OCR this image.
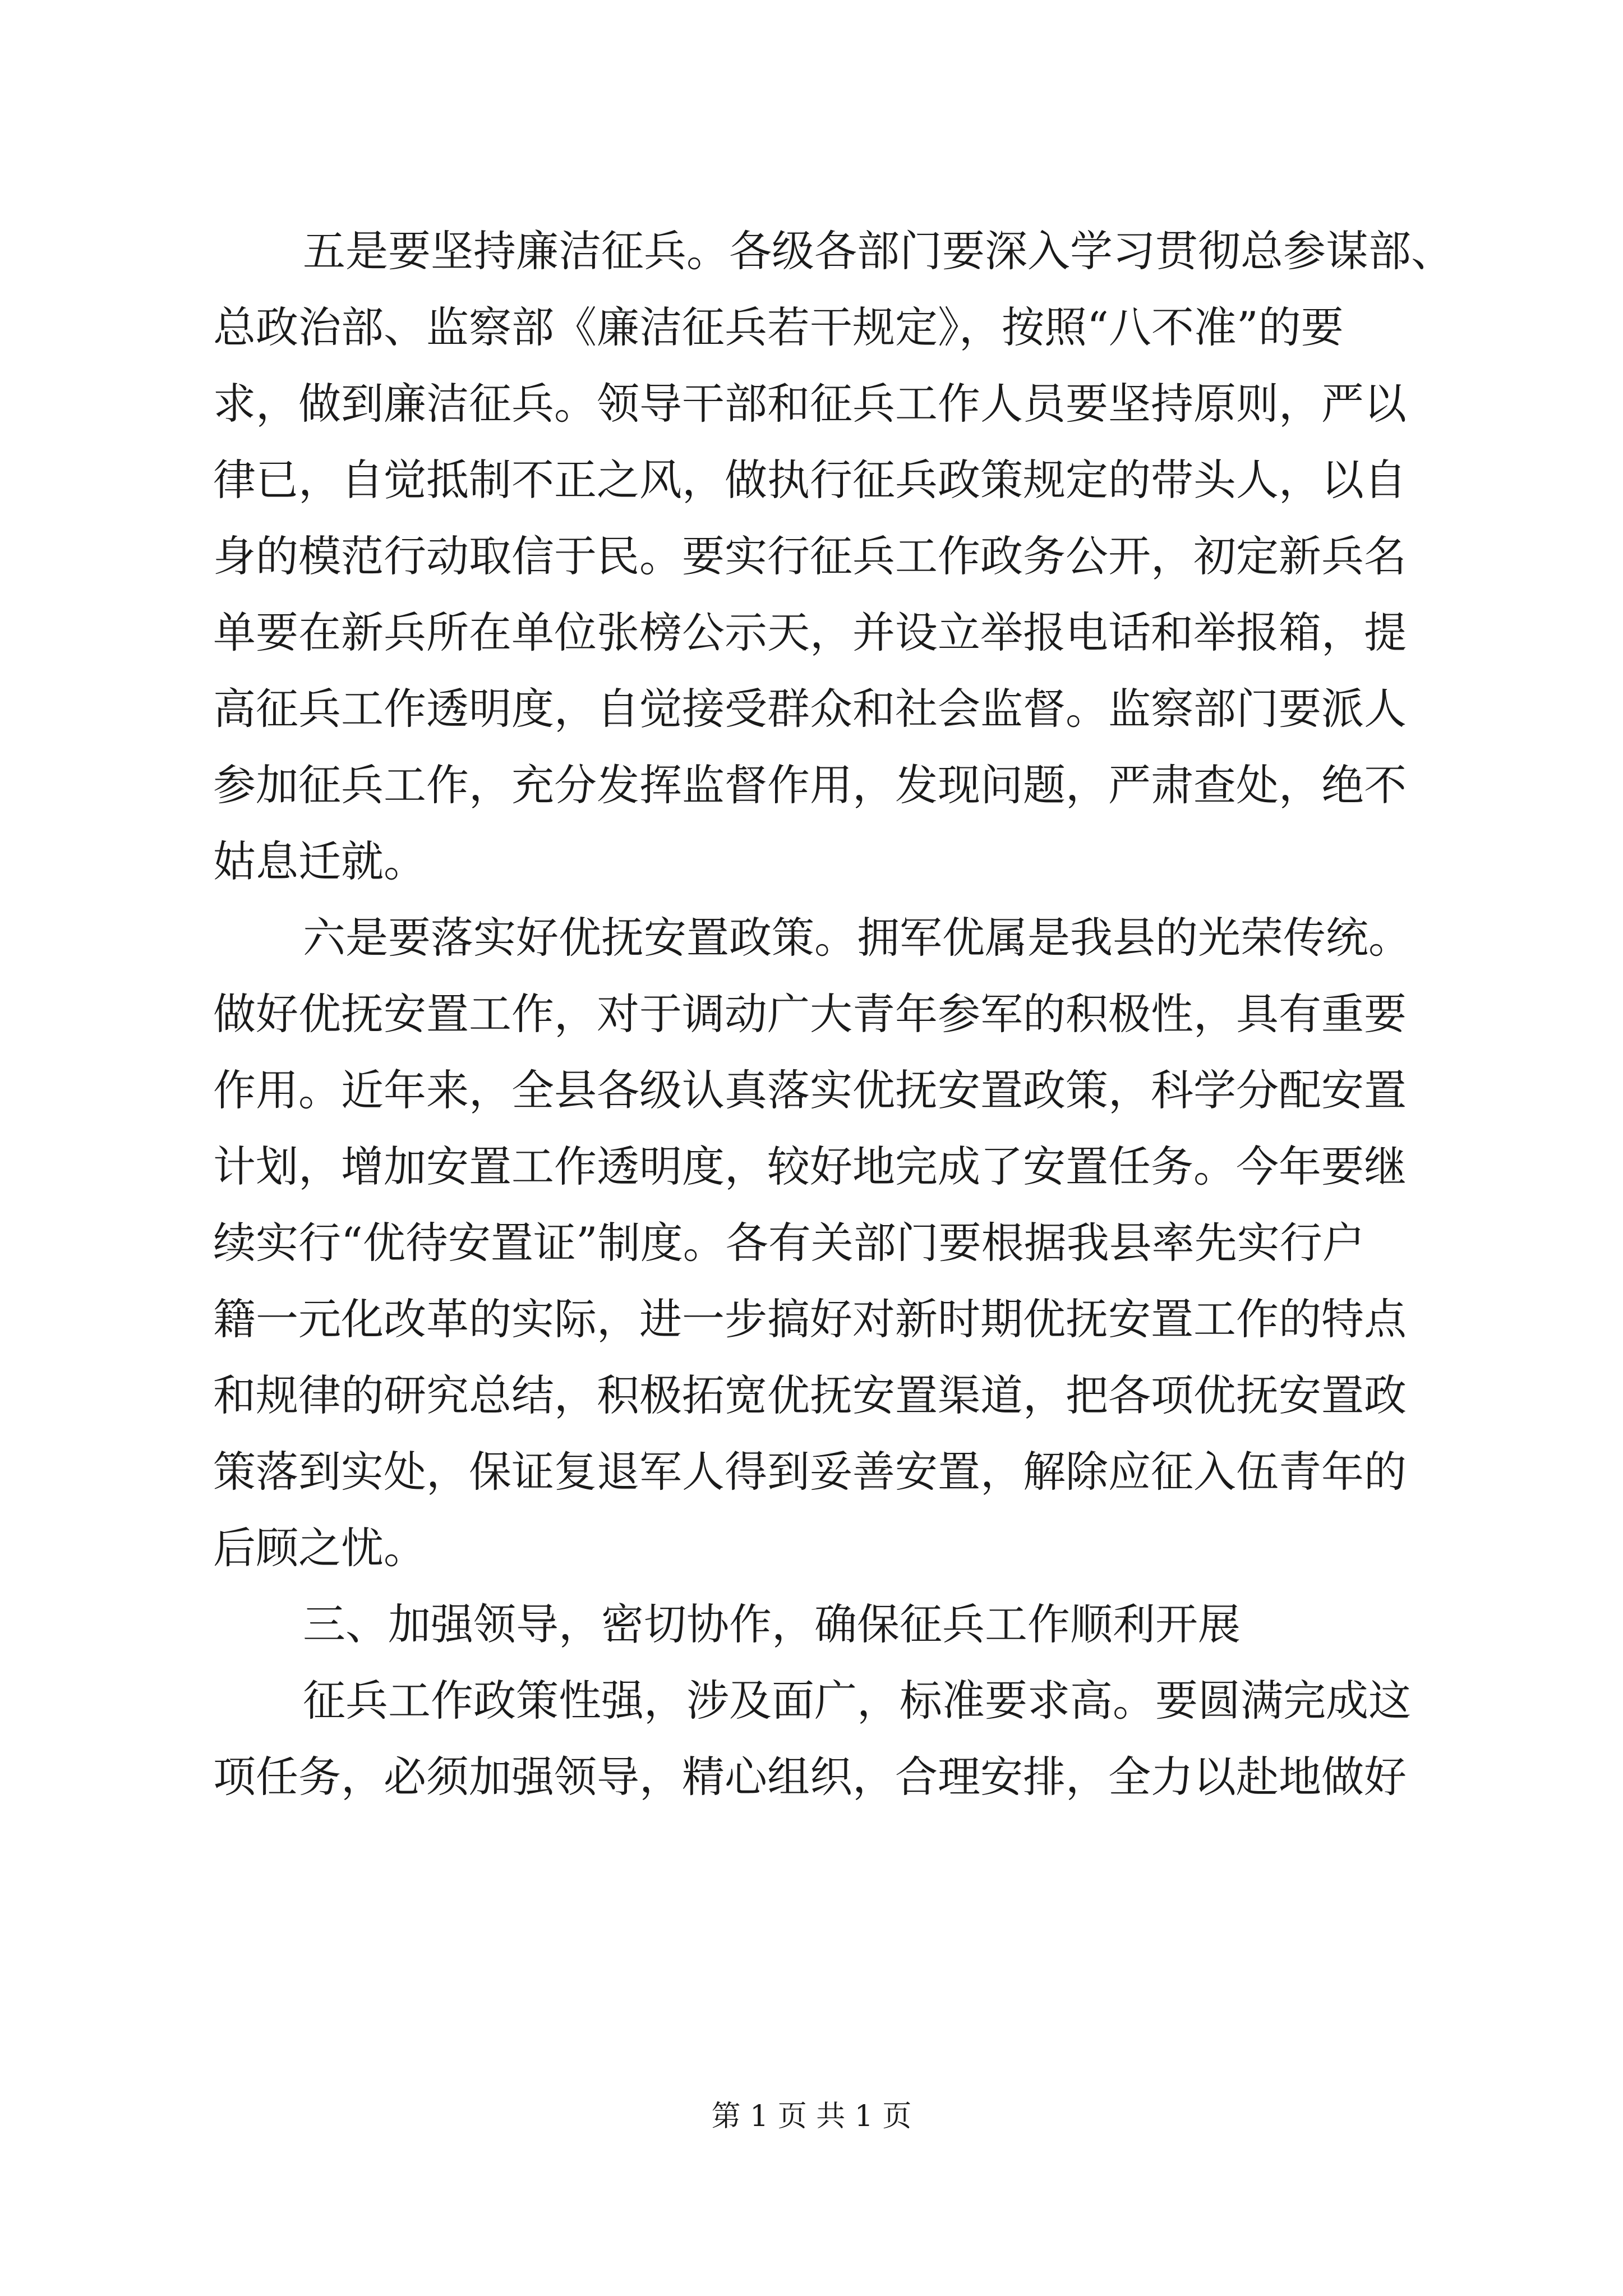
五是要坚持廉洁征兵。各级各部门要深入学习贯彻总参谋部、
总政治部、监察部《廉洁征兵若干规定》，按照“八不准”的要
求，做到廉洁征兵。领导干部和征兵工作人员要坚持原则，严以
律已，自觉抵制不正之风，做执行征兵政策规定的带头人，以自
身的模范行动取信于民。要实行征兵工作政务公开，初定新兵名
单要在新兵所在单位张榜公示天，并设立举报电话和举报箱，提
高征兵工作透明度，自觉接受群众和社会监督。监察部门要派人
参加征兵工作，充分发挥监督作用，发现问题，严肃查处，绝不
姑息迁就。
六是要落实好优抚安置政策。拥军优属是我县的光荣传统。
做好优抚安置工作，对于调动广大青年参军的积极性，具有重要
作用。近年来，全县各级认真落实优抚安置政策，科学分配安置
计划，增加安置工作透明度，较好地完成了安置任务。今年要继
续实行“优待安置证”制度。各有关部门要根据我县率先实行户
籍一元化改革的实际，进一步搞好对新时期优抚安置工作的特点
和规律的研究总结，积极拓宽优抚安置渠道，把各项优抚安置政
策落到实处，保证复退军人得到妥善安置，解除应征入伍青年的
后顾之忧。
三、加强领导，密切协作，确保征兵工作顺利开展
征兵工作政策性强，涉及面广，标准要求高。要圆满完成这
项任务，必须加强领导，精心组织，合理安排，全力以赴地做好
第 1 页 共 1 页
